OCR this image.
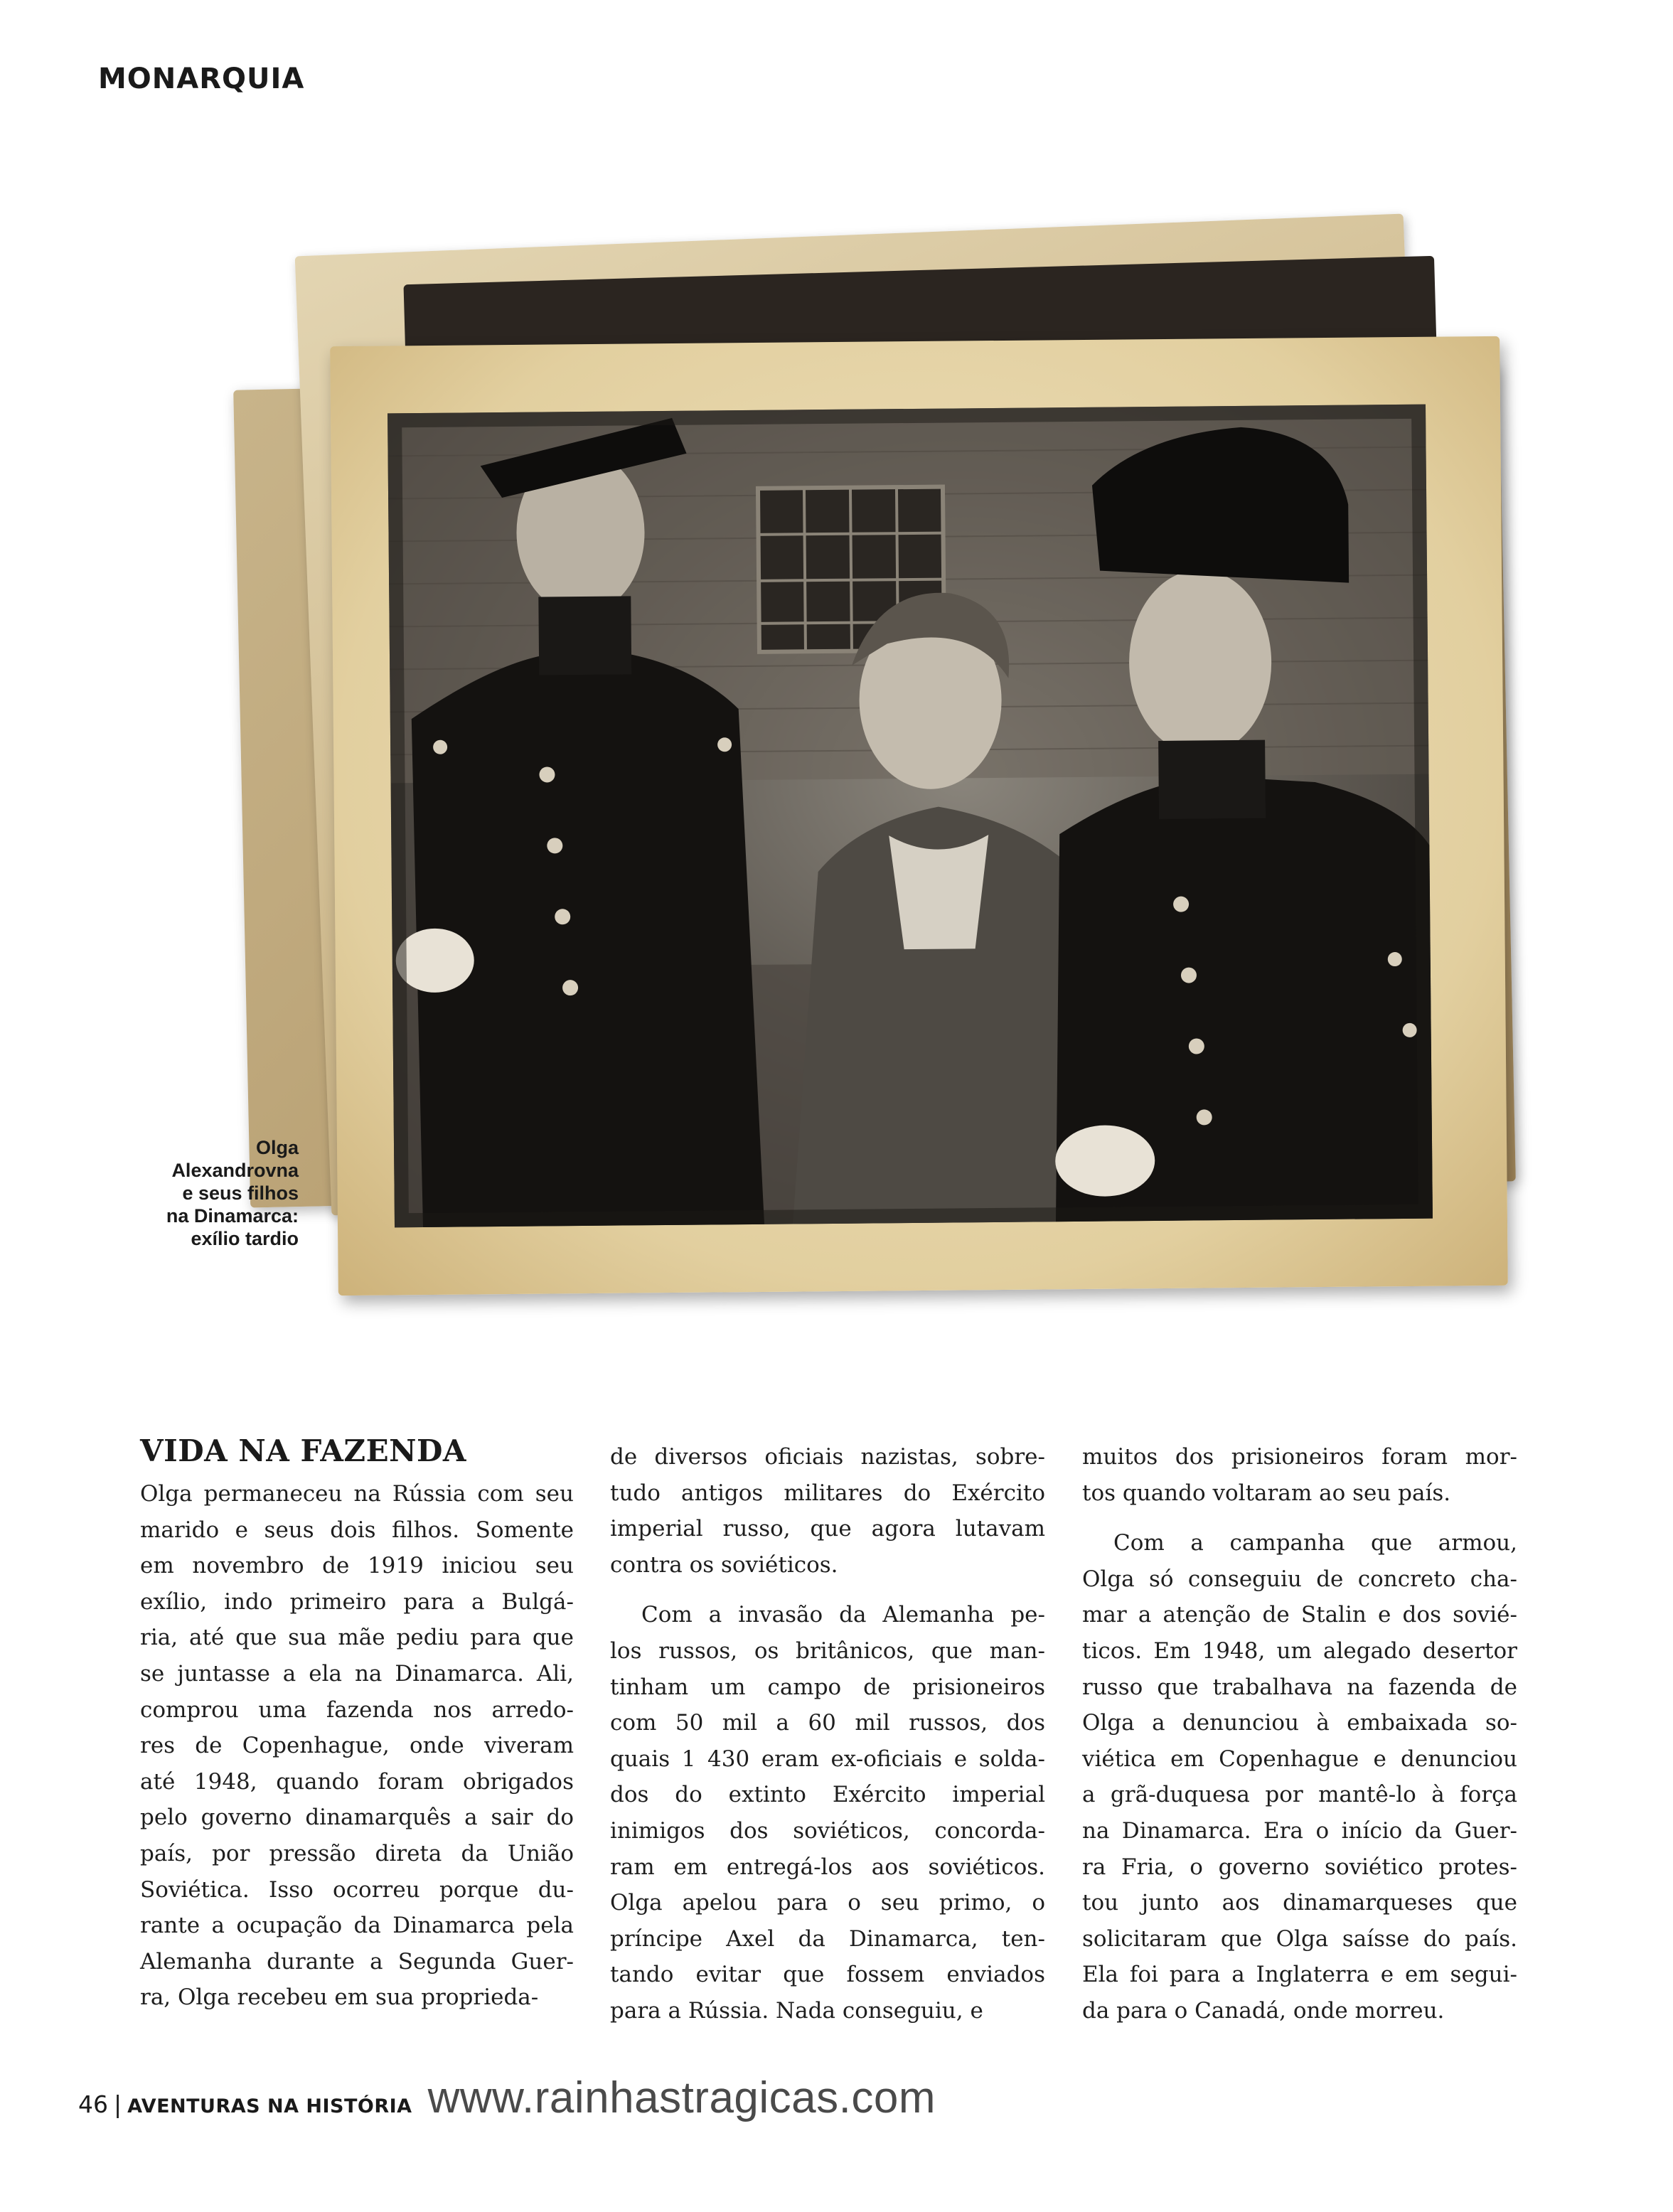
MONARQUIA
Olga
Alexandrovna
e seus filhos
na Dinamarca:
exílio tardio
VIDA NA FAZENDA
Olga permaneceu na Rússia com seu
marido e seus dois filhos. Somente
em novembro de 1919 iniciou seu
exílio, indo primeiro para a Bulgá-
ria, até que sua mãe pediu para que
se juntasse a ela na Dinamarca. Ali,
comprou uma fazenda nos arredo-
res de Copenhague, onde viveram
até 1948, quando foram obrigados
pelo governo dinamarquês a sair do
país, por pressão direta da União
Soviética. Isso ocorreu porque du-
rante a ocupação da Dinamarca pela
Alemanha durante a Segunda Guer-
ra, Olga recebeu em sua proprieda-
de diversos oficiais nazistas, sobre-
tudo antigos militares do Exército
imperial russo, que agora lutavam
contra os soviéticos.
Com a invasão da Alemanha pe-
los russos, os britânicos, que man-
tinham um campo de prisioneiros
com 50 mil a 60 mil russos, dos
quais 1 430 eram ex-oficiais e solda-
dos do extinto Exército imperial
inimigos dos soviéticos, concorda-
ram em entregá-los aos soviéticos.
Olga apelou para o seu primo, o
príncipe Axel da Dinamarca, ten-
tando evitar que fossem enviados
para a Rússia. Nada conseguiu, e
muitos dos prisioneiros foram mor-
tos quando voltaram ao seu país.
Com a campanha que armou,
Olga só conseguiu de concreto cha-
mar a atenção de Stalin e dos sovié-
ticos. Em 1948, um alegado desertor
russo que trabalhava na fazenda de
Olga a denunciou à embaixada so-
viética em Copenhague e denunciou
a grã-duquesa por mantê-lo à força
na Dinamarca. Era o início da Guer-
ra Fria, o governo soviético protes-
tou junto aos dinamarqueses que
solicitaram que Olga saísse do país.
Ela foi para a Inglaterra e em segui-
da para o Canadá, onde morreu.
46 | AVENTURAS NA HISTÓRIA www.rainhastragicas.com
